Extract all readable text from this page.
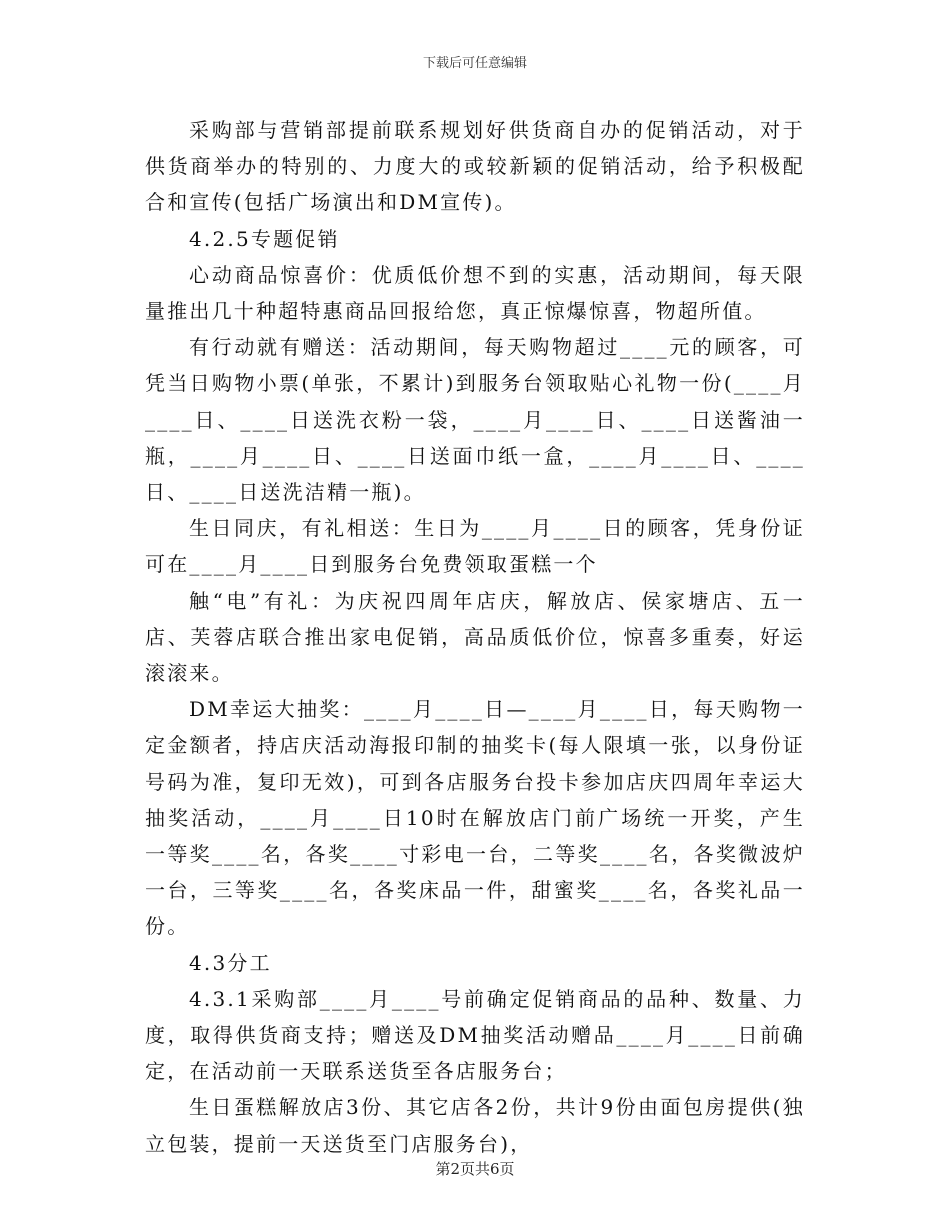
下载后可任意编辑

采购部与营销部提前联系规划好供货商自办的促销活动，对于供货商举办的特别的、力度大的或较新颖的促销活动，给予积极配合和宣传(包括广场演出和DM宣传)。

4.2.5专题促销

心动商品惊喜价：优质低价想不到的实惠，活动期间，每天限量推出几十种超特惠商品回报给您，真正惊爆惊喜，物超所值。

有行动就有赠送：活动期间，每天购物超过____元的顾客，可凭当日购物小票(单张，不累计)到服务台领取贴心礼物一份(____月____日、____日送洗衣粉一袋，____月____日、____日送酱油一瓶，____月____日、____日送面巾纸一盒，____月____日、____日、____日送洗洁精一瓶)。

生日同庆，有礼相送：生日为____月____日的顾客，凭身份证可在____月____日到服务台免费领取蛋糕一个

触“电”有礼：为庆祝四周年店庆，解放店、侯家塘店、五一店、芙蓉店联合推出家电促销，高品质低价位，惊喜多重奏，好运滚滚来。

DM幸运大抽奖：____月____日—____月____日，每天购物一定金额者，持店庆活动海报印制的抽奖卡(每人限填一张，以身份证号码为准，复印无效)，可到各店服务台投卡参加店庆四周年幸运大抽奖活动，____月____日10时在解放店门前广场统一开奖，产生一等奖____名，各奖____寸彩电一台，二等奖____名，各奖微波炉一台，三等奖____名，各奖床品一件，甜蜜奖____名，各奖礼品一份。

4.3分工

4.3.1采购部____月____号前确定促销商品的品种、数量、力度，取得供货商支持；赠送及DM抽奖活动赠品____月____日前确定，在活动前一天联系送货至各店服务台；

生日蛋糕解放店3份、其它店各2份，共计9份由面包房提供(独立包装，提前一天送货至门店服务台)，

第2页共6页
